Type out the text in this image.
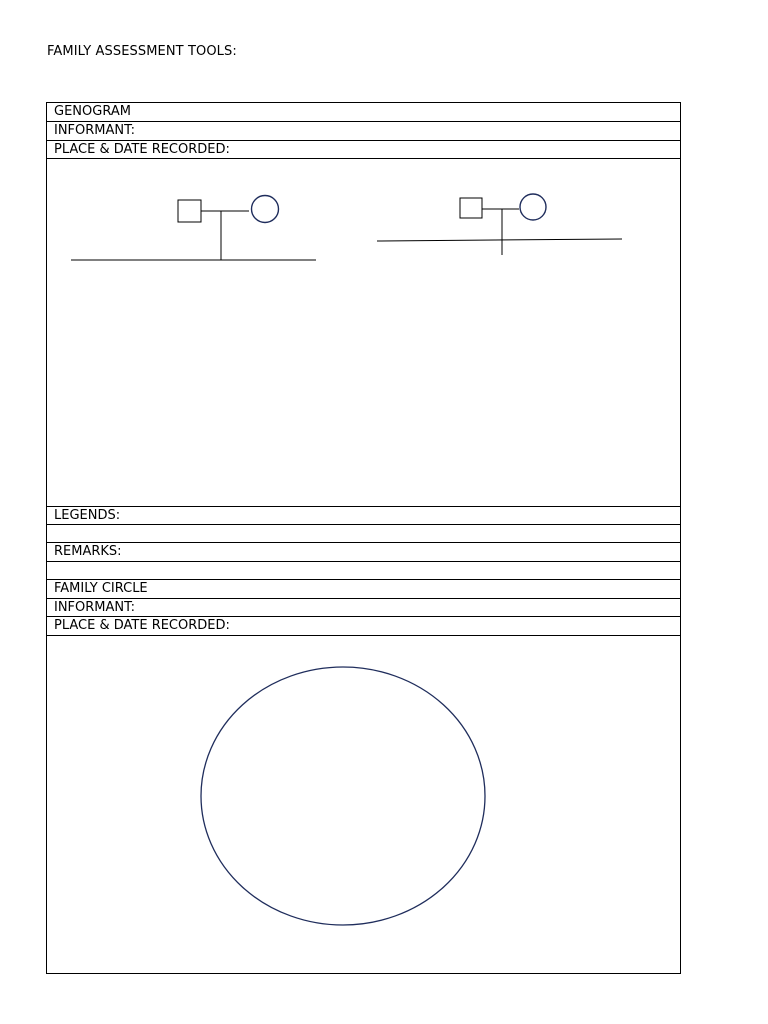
FAMILY ASSESSMENT TOOLS:
GENOGRAM
INFORMANT:
PLACE & DATE RECORDED:
LEGENDS:
REMARKS:
FAMILY CIRCLE
INFORMANT:
PLACE & DATE RECORDED:
